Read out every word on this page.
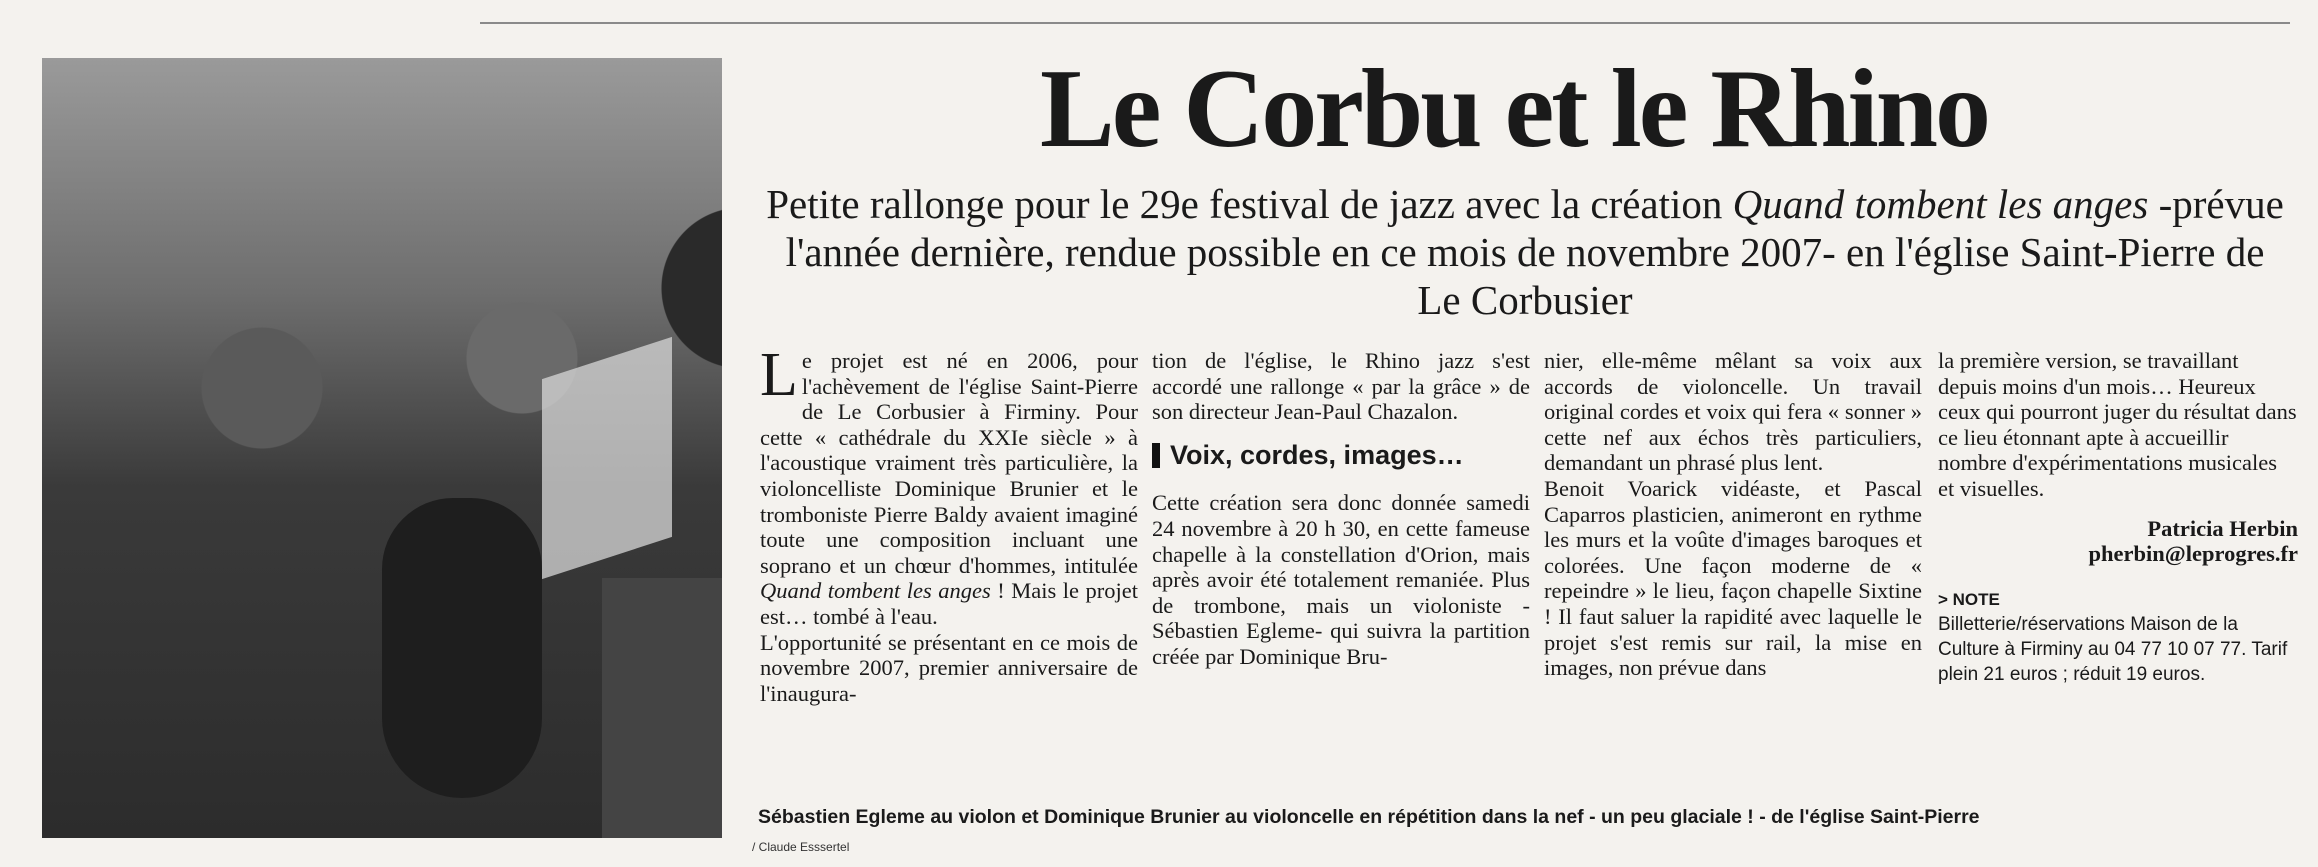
Le Corbu et le Rhino

Petite rallonge pour le 29e festival de jazz avec la création Quand tombent les anges -prévue l'année dernière, rendue possible en ce mois de novembre 2007- en l'église Saint-Pierre de Le Corbusier

Le projet est né en 2006, pour l'achèvement de l'église Saint-Pierre de Le Corbusier à Firminy. Pour cette « cathédrale du XXIe siècle » à l'acoustique vraiment très particulière, la violoncelliste Dominique Brunier et le tromboniste Pierre Baldy avaient imaginé toute une composition incluant une soprano et un chœur d'hommes, intitulée Quand tombent les anges ! Mais le projet est… tombé à l'eau.

L'opportunité se présentant en ce mois de novembre 2007, premier anniversaire de l'inaugura-

tion de l'église, le Rhino jazz s'est accordé une rallonge « par la grâce » de son directeur Jean-Paul Chazalon.

Voix, cordes, images…

Cette création sera donc donnée samedi 24 novembre à 20 h 30, en cette fameuse chapelle à la constellation d'Orion, mais après avoir été totalement remaniée. Plus de trombone, mais un violoniste -Sébastien Egleme- qui suivra la partition créée par Dominique Bru-

nier, elle-même mêlant sa voix aux accords de violoncelle. Un travail original cordes et voix qui fera « sonner » cette nef aux échos très particuliers, demandant un phrasé plus lent.

Benoit Voarick vidéaste, et Pascal Caparros plasticien, animeront en rythme les murs et la voûte d'images baroques et colorées. Une façon moderne de « repeindre » le lieu, façon chapelle Sixtine ! Il faut saluer la rapidité avec laquelle le projet s'est remis sur rail, la mise en images, non prévue dans

la première version, se travaillant depuis moins d'un mois… Heureux ceux qui pourront juger du résultat dans ce lieu étonnant apte à accueillir nombre d'expérimentations musicales et visuelles.

Patricia Herbin

pherbin@leprogres.fr

> NOTE

Billetterie/réservations Maison de la Culture à Firminy au 04 77 10 07 77. Tarif plein 21 euros ; réduit 19 euros.

Sébastien Egleme au violon et Dominique Brunier au violoncelle en répétition dans la nef - un peu glaciale ! - de l'église Saint-Pierre

/ Claude Esssertel
